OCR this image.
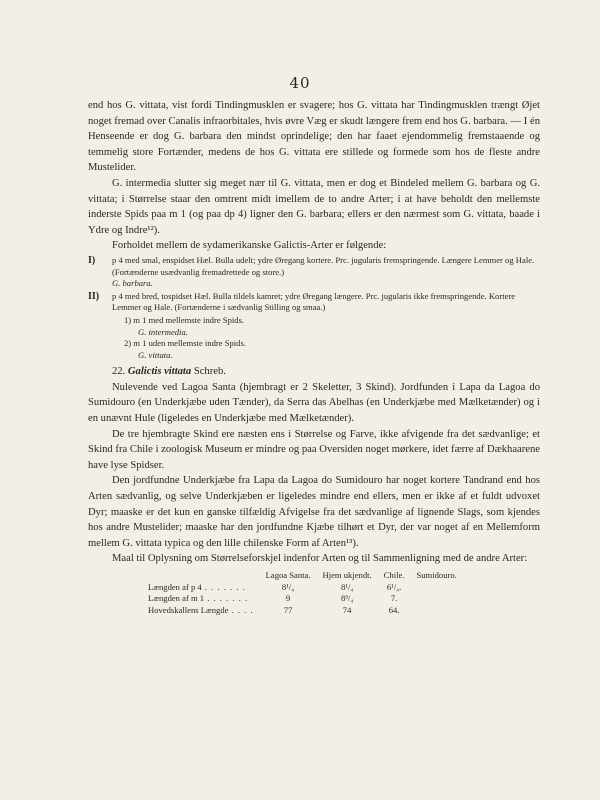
40

end hos G. vittata, vist fordi Tindingmusklen er svagere; hos G. vittata har Tindingmusklen trængt Øjet noget fremad over Canalis infraorbitales, hvis øvre Væg er skudt længere frem end hos G. barbara. — I én Henseende er dog G. barbara den mindst oprindelige; den har faaet ejendommelig fremstaaende og temmelig store Fortænder, medens de hos G. vittata ere stillede og formede som hos de fleste andre Mustelider.

G. intermedia slutter sig meget nær til G. vittata, men er dog et Bindeled mellem G. barbara og G. vittata; i Størrelse staar den omtrent midt imellem de to andre Arter; i at have beholdt den mellemste inderste Spids paa m 1 (og paa dp 4) ligner den G. barbara; ellers er den nærmest som G. vittata, baade i Ydre og Indre¹²).

Forholdet mellem de sydamerikanske Galictis-Arter er følgende:

I) p 4 med smal, enspidset Hæl. Bulla udelt; ydre Øregang kortere. Prc. jugularis fremspringende. Længere Lemmer og Hale. (Fortænderne usædvanlig fremadrettede og store.)
G. barbara.
II) p 4 med bred, tospidset Hæl. Bulla tildels kamret; ydre Øregang længere. Prc. jugularis ikke fremspringende. Kortere Lemmer og Hale. (Fortænderne i sædvanlig Stilling og smaa.)
1) m 1 med mellemste indre Spids.
G. intermedia.
2) m 1 uden mellemste indre Spids.
G. vittata.

22. Galictis vittata Schreb.

Nulevende ved Lagoa Santa (hjembragt er 2 Skeletter, 3 Skind). Jordfunden i Lapa da Lagoa do Sumidouro (en Underkjæbe uden Tænder), da Serra das Abelhas (en Underkjæbe med Mælketænder) og i en unævnt Hule (ligeledes en Underkjæbe med Mælketænder).

De tre hjembragte Skind ere næsten ens i Størrelse og Farve, ikke afvigende fra det sædvanlige; et Skind fra Chile i zoologisk Museum er mindre og paa Oversiden noget mørkere, idet færre af Dækhaarene have lyse Spidser.

Den jordfundne Underkjæbe fra Lapa da Lagoa do Sumidouro har noget kortere Tandrand end hos Arten sædvanlig, og selve Underkjæben er ligeledes mindre end ellers, men er ikke af et fuldt udvoxet Dyr; maaske er det kun en ganske tilfældig Afvigelse fra det sædvanlige af lignende Slags, som kjendes hos andre Mustelider; maaske har den jordfundne Kjæbe tilhørt et Dyr, der var noget af en Mellemform mellem G. vittata typica og den lille chilenske Form af Arten¹³).

Maal til Oplysning om Størrelseforskjel indenfor Arten og til Sammenligning med de andre Arter:

	Lagoa Santa.	Hjem ukjendt.	Chile.	Sumidouro.
Længden af p 4 . . . . . . .	8¹/₄	8¹/₄	6¹/₄.	
Længden af m 1 . . . . . . .	9	8³/₄	7.	
Hovedskallens Længde . . . .	77	74	64.	
